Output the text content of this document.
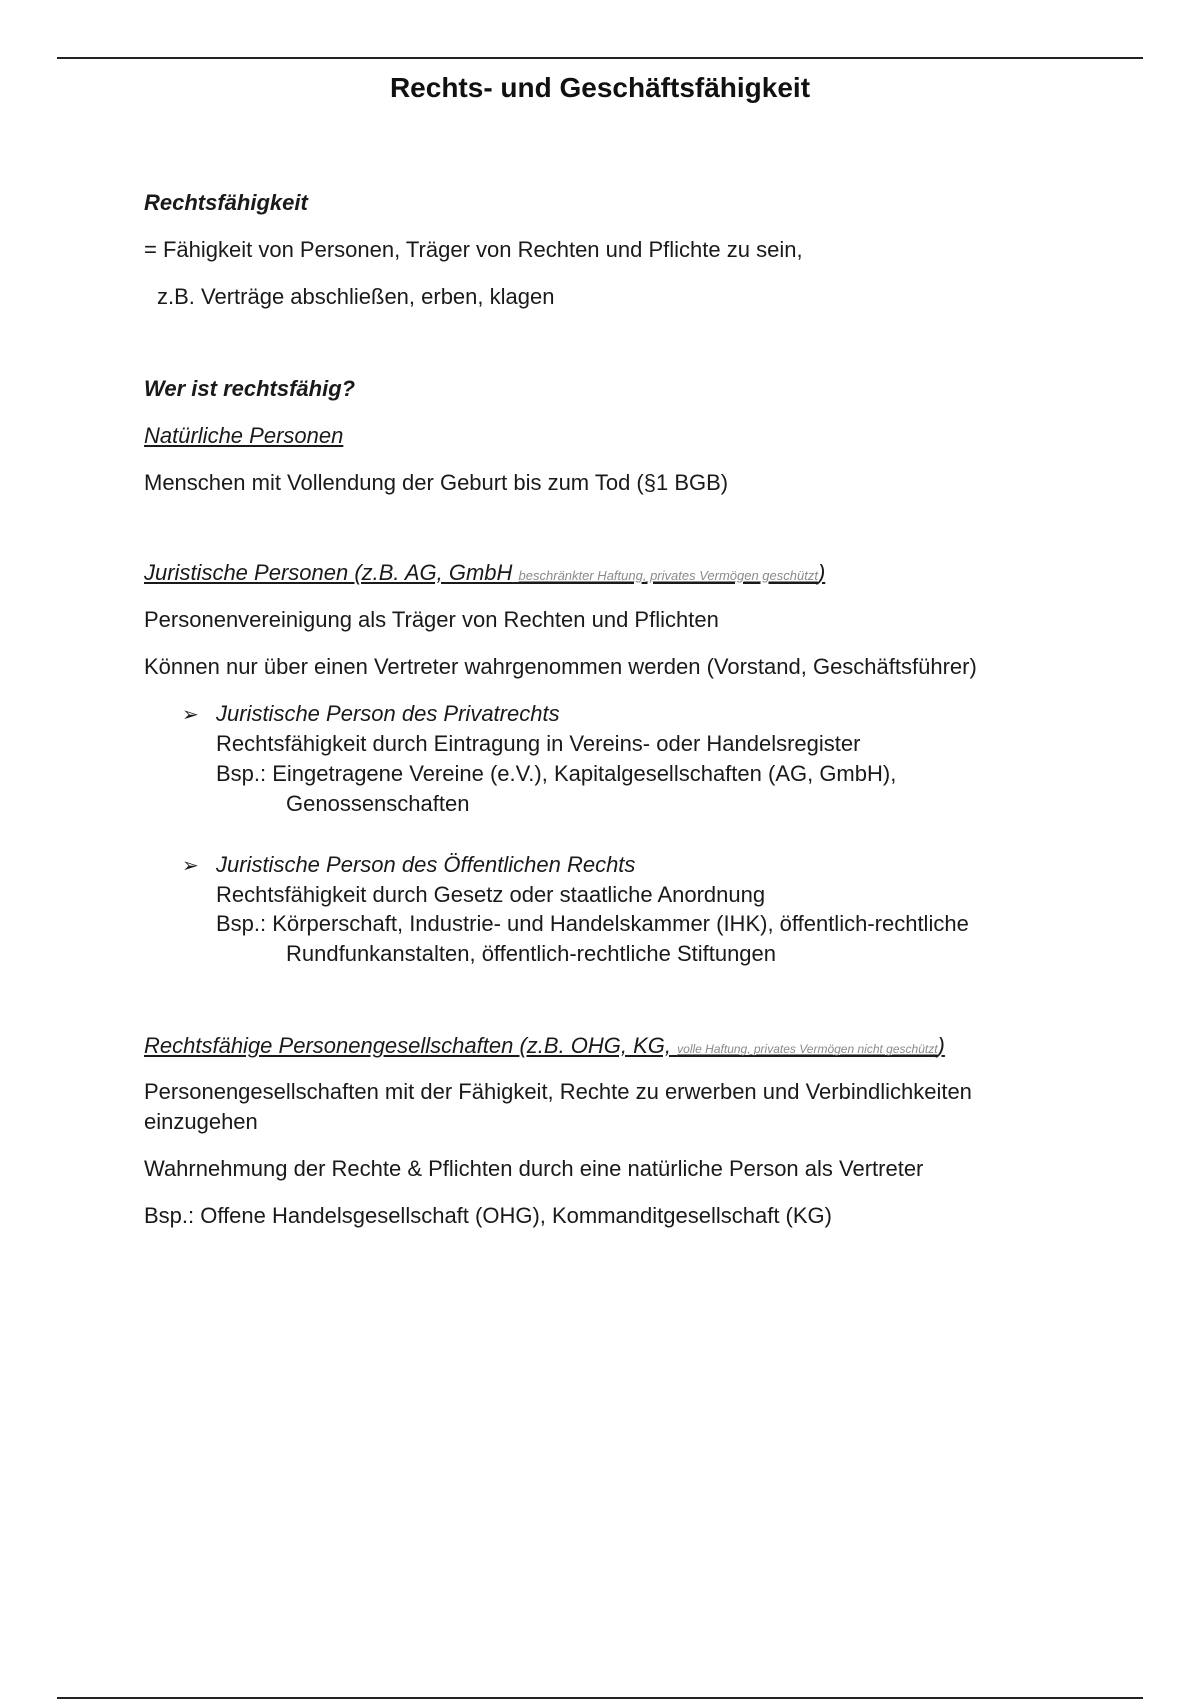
Rechts- und Geschäftsfähigkeit
Rechtsfähigkeit
= Fähigkeit von Personen, Träger von Rechten und Pflichte zu sein,
z.B. Verträge abschließen, erben, klagen
Wer ist rechtsfähig?
Natürliche Personen
Menschen mit Vollendung der Geburt bis zum Tod (§1 BGB)
Juristische Personen (z.B. AG, GmbH beschränkter Haftung, privates Vermögen geschützt)
Personenvereinigung als Träger von Rechten und Pflichten
Können nur über einen Vertreter wahrgenommen werden (Vorstand, Geschäftsführer)
➢ Juristische Person des Privatrechts
Rechtsfähigkeit durch Eintragung in Vereins- oder Handelsregister
Bsp.: Eingetragene Vereine (e.V.), Kapitalgesellschaften (AG, GmbH),
Genossenschaften
➢ Juristische Person des Öffentlichen Rechts
Rechtsfähigkeit durch Gesetz oder staatliche Anordnung
Bsp.: Körperschaft, Industrie- und Handelskammer (IHK), öffentlich-rechtliche
Rundfunkanstalten, öffentlich-rechtliche Stiftungen
Rechtsfähige Personengesellschaften (z.B. OHG, KG, volle Haftung, privates Vermögen nicht geschützt)
Personengesellschaften mit der Fähigkeit, Rechte zu erwerben und Verbindlichkeiten
einzugehen
Wahrnehmung der Rechte & Pflichten durch eine natürliche Person als Vertreter
Bsp.: Offene Handelsgesellschaft (OHG), Kommanditgesellschaft (KG)
